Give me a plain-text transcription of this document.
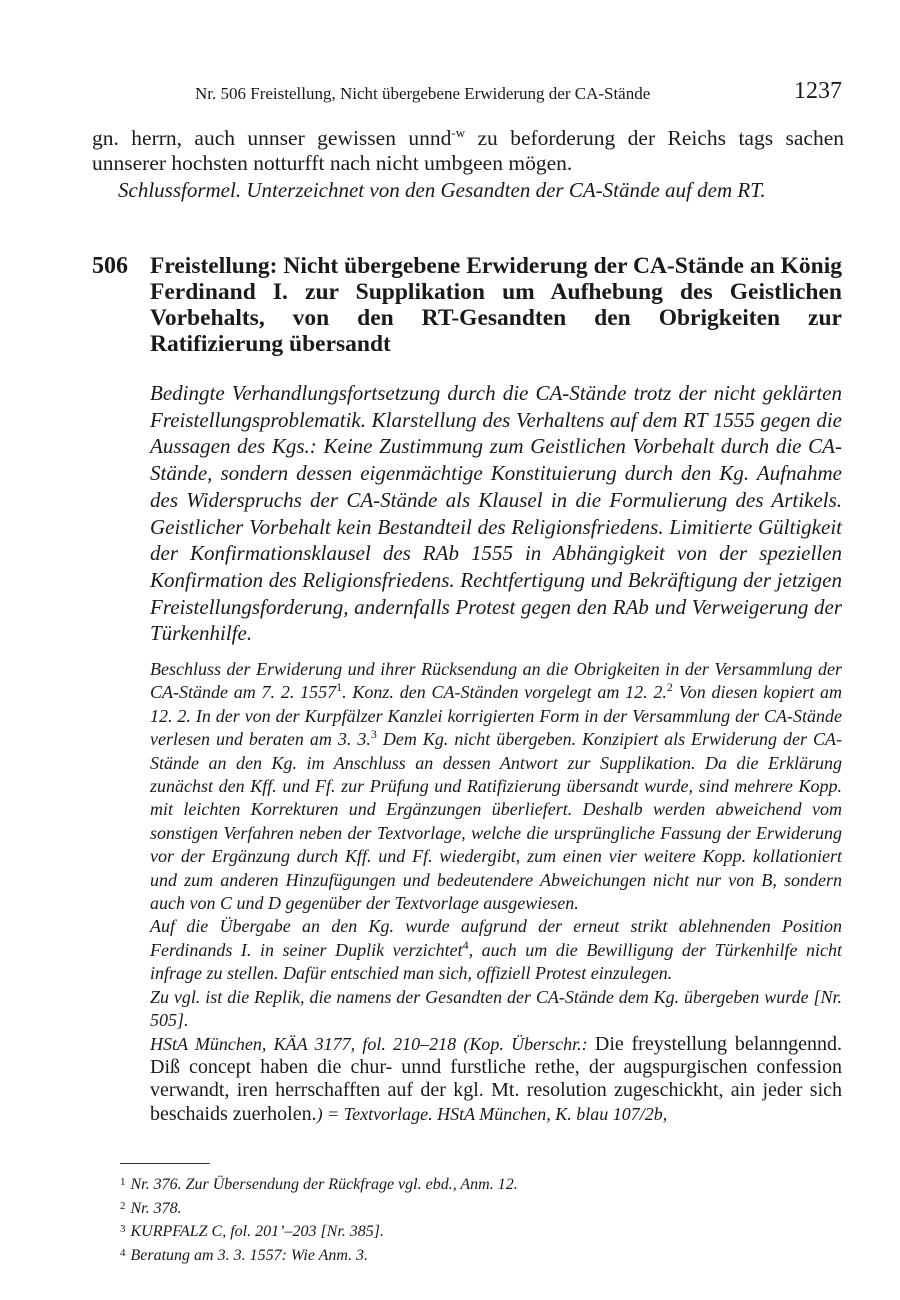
Nr. 506 Freistellung, Nicht übergebene Erwiderung der CA-Stände	1237
gn. herrn, auch unnser gewissen unnd$^{-w}$ zu beforderung der Reichs tags sachen unnserer hochsten notturfft nach nicht umbgeen mögen.
Schlussformel. Unterzeichnet von den Gesandten der CA-Stände auf dem RT.
506 Freistellung: Nicht übergebene Erwiderung der CA-Stände an König Ferdinand I. zur Supplikation um Aufhebung des Geistlichen Vorbehalts, von den RT-Gesandten den Obrigkeiten zur Ratifizierung übersandt
Bedingte Verhandlungsfortsetzung durch die CA-Stände trotz der nicht geklärten Freistellungsproblematik. Klarstellung des Verhaltens auf dem RT 1555 gegen die Aussagen des Kgs.: Keine Zustimmung zum Geistlichen Vorbehalt durch die CA-Stände, sondern dessen eigenmächtige Konstituierung durch den Kg. Aufnahme des Widerspruchs der CA-Stände als Klausel in die Formulierung des Artikels. Geistlicher Vorbehalt kein Bestandteil des Religionsfriedens. Limitierte Gültigkeit der Konfirmationsklausel des RAb 1555 in Abhängigkeit von der speziellen Konfirmation des Religionsfriedens. Rechtfertigung und Bekräftigung der jetzigen Freistellungsforderung, andernfalls Protest gegen den RAb und Verweigerung der Türkenhilfe.

Beschluss der Erwiderung und ihrer Rücksendung an die Obrigkeiten in der Versammlung der CA-Stände am 7. 2. 1557$^1$. Konz. den CA-Ständen vorgelegt am 12. 2.$^2$ Von diesen kopiert am 12. 2. In der von der Kurpfälzer Kanzlei korrigierten Form in der Versammlung der CA-Stände verlesen und beraten am 3. 3.$^3$ Dem Kg. nicht übergeben. Konzipiert als Erwiderung der CA-Stände an den Kg. im Anschluss an dessen Antwort zur Supplikation. Da die Erklärung zunächst den Kff. und Ff. zur Prüfung und Ratifizierung übersandt wurde, sind mehrere Kopp. mit leichten Korrekturen und Ergänzungen überliefert. Deshalb werden abweichend vom sonstigen Verfahren neben der Textvorlage, welche die ursprüngliche Fassung der Erwiderung vor der Ergänzung durch Kff. und Ff. wiedergibt, zum einen vier weitere Kopp. kollationiert und zum anderen Hinzufügungen und bedeutendere Abweichungen nicht nur von B, sondern auch von C und D gegenüber der Textvorlage ausgewiesen.

Auf die Übergabe an den Kg. wurde aufgrund der erneut strikt ablehnenden Position Ferdinands I. in seiner Duplik verzichtet$^4$, auch um die Bewilligung der Türkenhilfe nicht infrage zu stellen. Dafür entschied man sich, offiziell Protest einzulegen.

Zu vgl. ist die Replik, die namens der Gesandten der CA-Stände dem Kg. übergeben wurde [Nr. 505].

HStA München, KÄA 3177, fol. 210–218 (Kop. Überschr.: Die freystellung belanngennd. Diß concept haben die chur- unnd furstliche rethe, der augspurgischen confession verwandt, iren herrschafften auf der kgl. Mt. resolution zugeschickht, ain jeder sich beschaids zuerholen.) = Textvorlage. HStA München, K. blau 107/2b,

$^1$ Nr. 376. Zur Übersendung der Rückfrage vgl. ebd., Anm. 12.
$^2$ Nr. 378.
$^3$ KURPFALZ C, fol. 201’–203 [Nr. 385].
$^4$ Beratung am 3. 3. 1557: Wie Anm. 3.
